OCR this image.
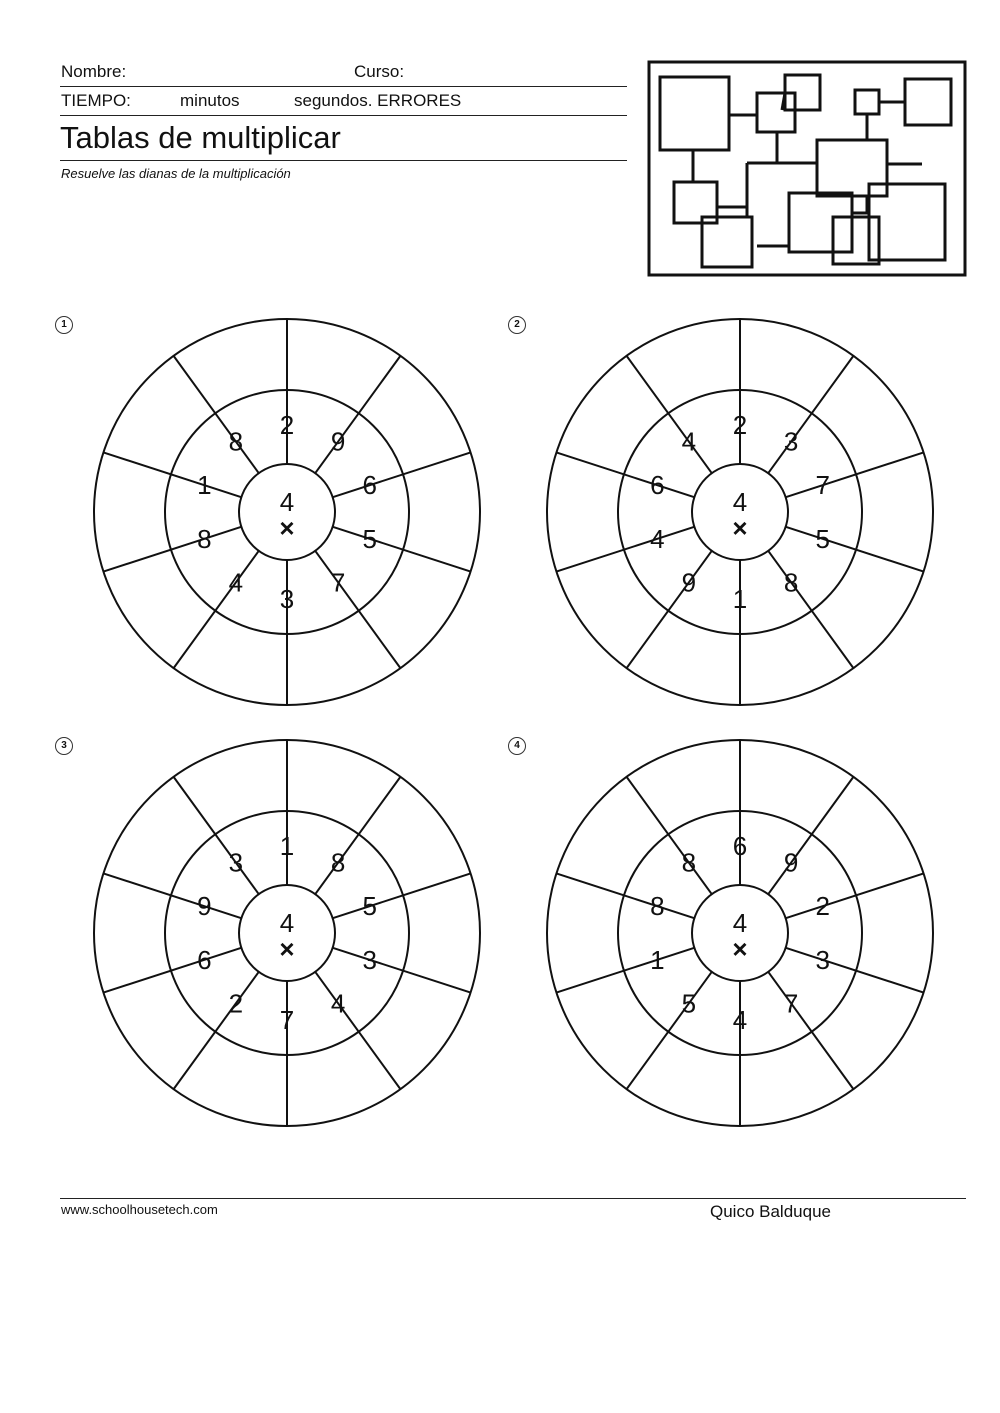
Nombre:	Curso:
TIEMPO:	minutos	segundos. ERRORES
Tablas de multiplicar
Resuelve las dianas de la multiplicación
1
2
9
6
5
7
3
4
8
1
8
4
×
2
2
3
7
5
8
1
9
4
6
4
4
×
3
1
8
5
3
4
7
2
6
9
3
4
×
4
6
9
2
3
7
4
5
1
8
8
4
×
www.schoolhousetech.com	Quico Balduque
